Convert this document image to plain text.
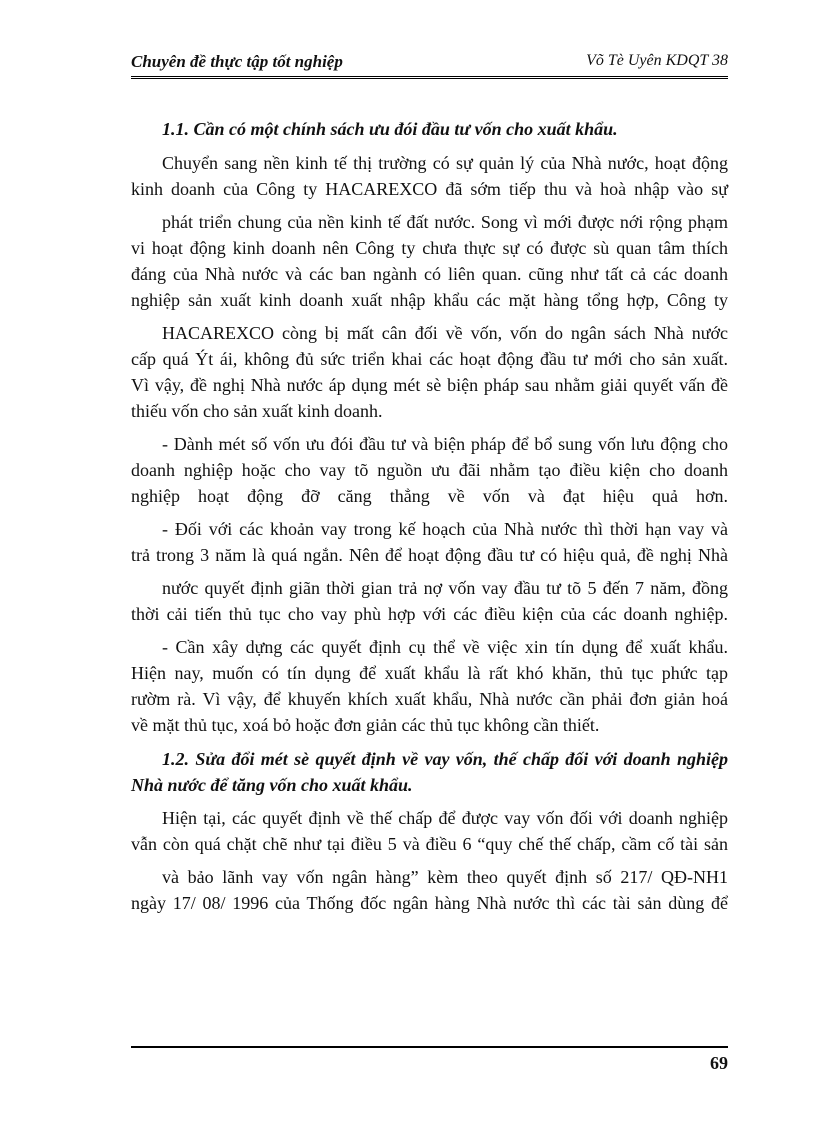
Chuyên đề thực tập tốt nghiệp	Võ Tè Uyên KDQT 38
1.1. Cần có một chính sách ưu đói đầu tư vốn cho xuất khẩu.
Chuyển sang nền kinh tế thị trường có sự quản lý của Nhà nước, hoạt động
kinh doanh của Công ty HACAREXCO đã sớm tiếp thu và hoà nhập vào sự
phát triển chung của nền kinh tế đất nước. Song vì mới được nới rộng phạm
vi hoạt động kinh doanh nên Công ty chưa thực sự có được sù quan tâm thích
đáng của Nhà nước và các ban ngành có liên quan. cũng như tất cả các doanh
nghiệp sản xuất kinh doanh xuất nhập khẩu các mặt hàng tổng hợp, Công ty
HACAREXCO còng bị mất cân đối về vốn, vốn do ngân sách Nhà nước
cấp quá Ýt ái, không đủ sức triển khai các hoạt động đầu tư mới cho sản xuất.
Vì vậy, đề nghị Nhà nước áp dụng mét sè biện pháp sau nhằm giải quyết vấn đề
thiếu vốn cho sản xuất kinh doanh.
- Dành mét số vốn ưu đói đầu tư và biện pháp để bổ sung vốn lưu động cho
doanh nghiệp hoặc cho vay tõ nguồn ưu đãi nhằm tạo điều kiện cho doanh
nghiệp hoạt động đỡ căng thẳng về vốn và đạt hiệu quả hơn.
- Đối với các khoản vay trong kế hoạch của Nhà nước thì thời hạn vay và
trả trong 3 năm là quá ngắn. Nên để hoạt động đầu tư có hiệu quả, đề nghị Nhà
nước quyết định giãn thời gian trả nợ vốn vay đầu tư tõ 5 đến 7 năm, đồng
thời cải tiến thủ tục cho vay phù hợp với các điều kiện của các doanh nghiệp.
- Cần xây dựng các quyết định cụ thể về việc xin tín dụng để xuất khẩu.
Hiện nay, muốn có tín dụng để xuất khẩu là rất khó khăn, thủ tục phức tạp
rườm rà. Vì vậy, để khuyến khích xuất khẩu, Nhà nước cần phải đơn giản hoá
về mặt thủ tục, xoá bỏ hoặc đơn giản các thủ tục không cần thiết.
1.2. Sửa đổi mét sè quyết định về vay vốn, thế chấp đối với doanh nghiệp
Nhà nước để tăng vốn cho xuất khẩu.
Hiện tại, các quyết định về thế chấp để được vay vốn đối với doanh nghiệp
vẫn còn quá chặt chẽ như tại điều 5 và điều 6 “quy chế thế chấp, cầm cố tài sản
và bảo lãnh vay vốn ngân hàng” kèm theo quyết định số 217/ QĐ-NH1
ngày 17/ 08/ 1996 của Thống đốc ngân hàng Nhà nước thì các tài sản dùng để
69
